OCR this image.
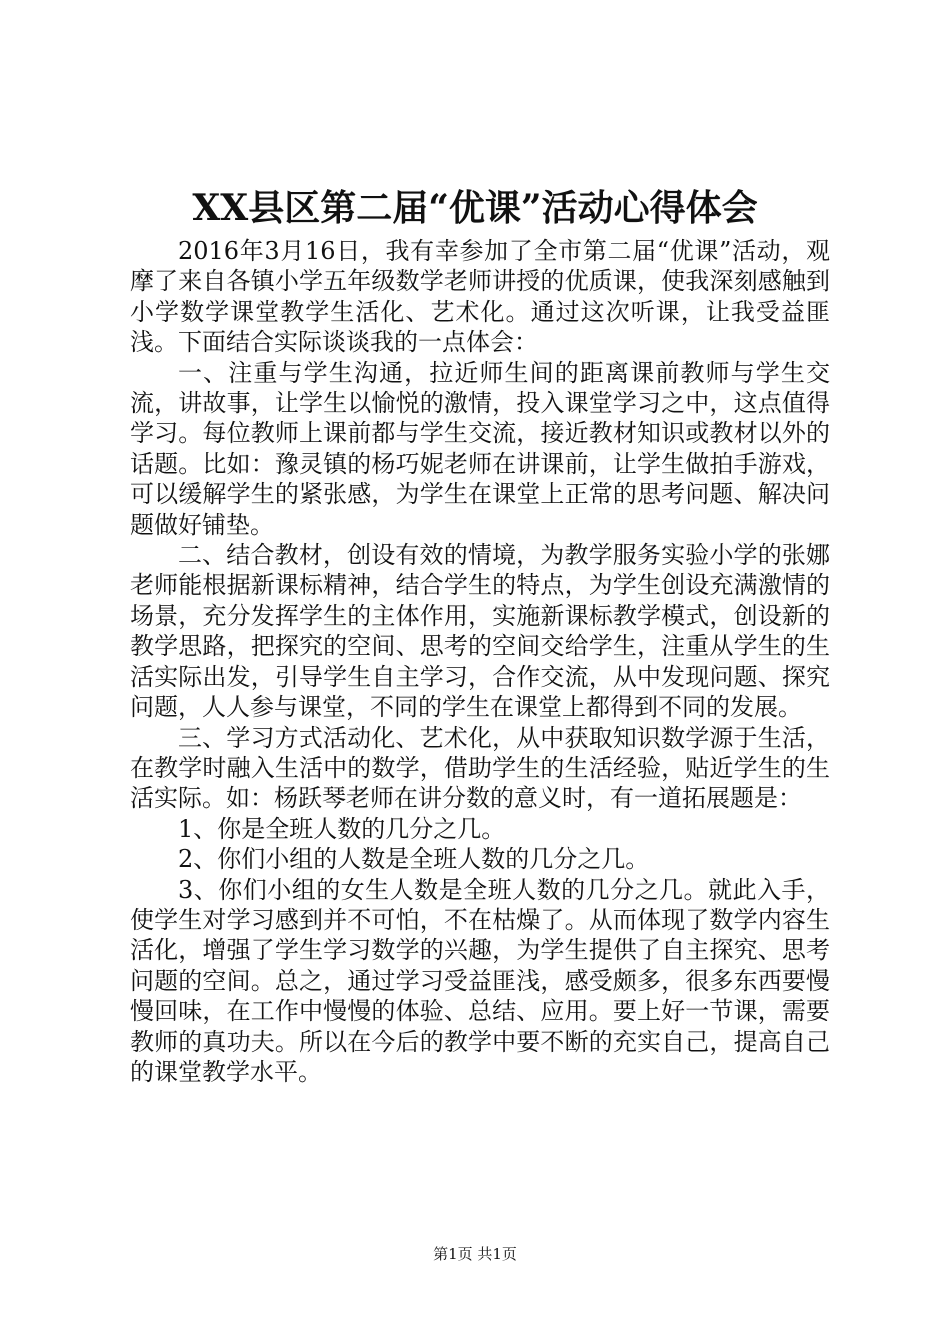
XX县区第二届“优课”活动心得体会

2016年3月16日，我有幸参加了全市第二届“优课”活动，观摩了来自各镇小学五年级数学老师讲授的优质课，使我深刻感触到小学数学课堂教学生活化、艺术化。通过这次听课，让我受益匪浅。下面结合实际谈谈我的一点体会：

一、注重与学生沟通，拉近师生间的距离课前教师与学生交流，讲故事，让学生以愉悦的激情，投入课堂学习之中，这点值得学习。每位教师上课前都与学生交流，接近教材知识或教材以外的话题。比如：豫灵镇的杨巧妮老师在讲课前，让学生做拍手游戏，可以缓解学生的紧张感，为学生在课堂上正常的思考问题、解决问题做好铺垫。

二、结合教材，创设有效的情境，为教学服务实验小学的张娜老师能根据新课标精神，结合学生的特点，为学生创设充满激情的场景，充分发挥学生的主体作用，实施新课标教学模式，创设新的教学思路，把探究的空间、思考的空间交给学生，注重从学生的生活实际出发，引导学生自主学习，合作交流，从中发现问题、探究问题，人人参与课堂，不同的学生在课堂上都得到不同的发展。

三、学习方式活动化、艺术化，从中获取知识数学源于生活，在教学时融入生活中的数学，借助学生的生活经验，贴近学生的生活实际。如：杨跃琴老师在讲分数的意义时，有一道拓展题是：

1、你是全班人数的几分之几。

2、你们小组的人数是全班人数的几分之几。

3、你们小组的女生人数是全班人数的几分之几。就此入手，使学生对学习感到并不可怕，不在枯燥了。从而体现了数学内容生活化，增强了学生学习数学的兴趣，为学生提供了自主探究、思考问题的空间。总之，通过学习受益匪浅，感受颇多，很多东西要慢慢回味，在工作中慢慢的体验、总结、应用。要上好一节课，需要教师的真功夫。所以在今后的教学中要不断的充实自己，提高自己的课堂教学水平。

第1页 共1页
